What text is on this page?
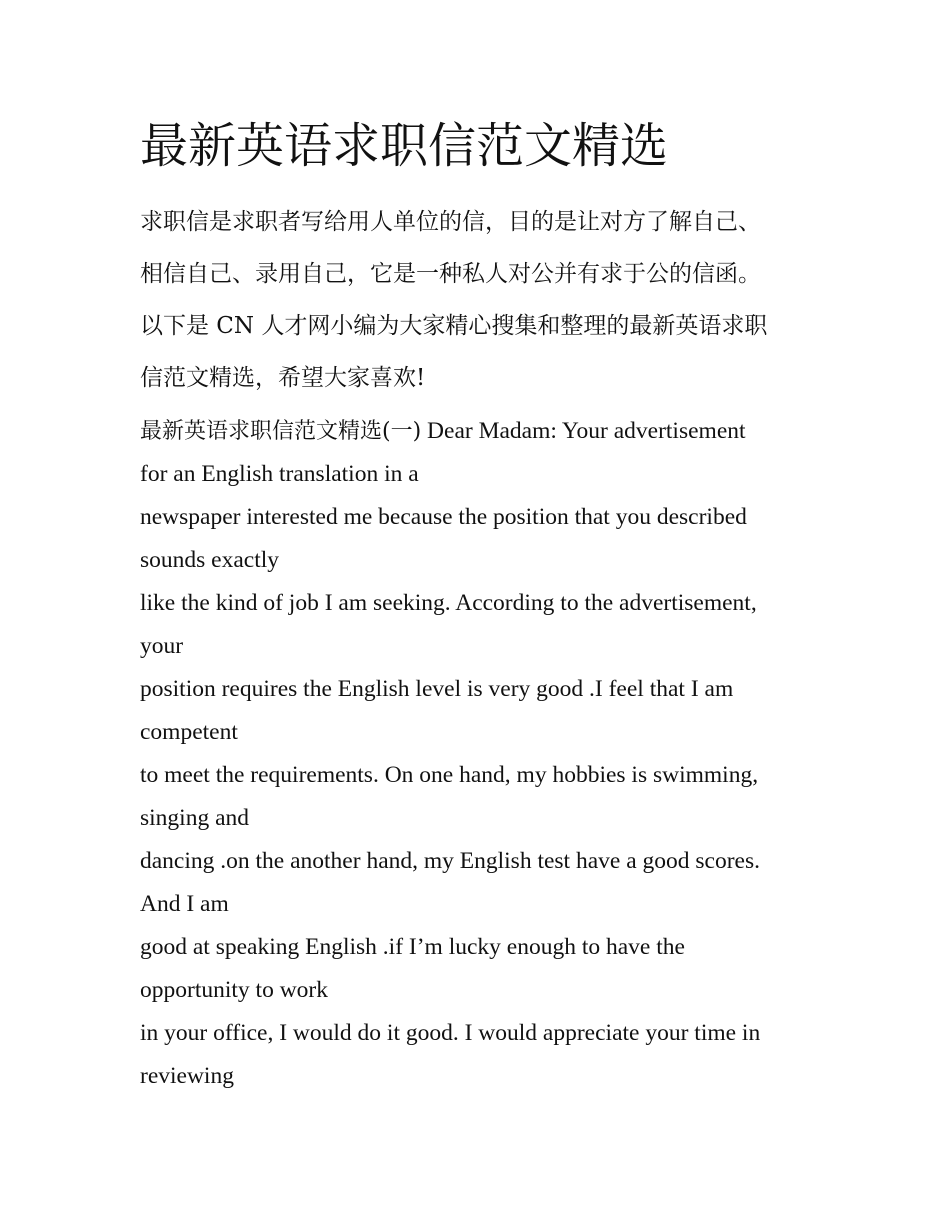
最新英语求职信范文精选
求职信是求职者写给用人单位的信，目的是让对方了解自己、
相信自己、录用自己，它是一种私人对公并有求于公的信函。
以下是 CN 人才网小编为大家精心搜集和整理的最新英语求职
信范文精选，希望大家喜欢!
最新英语求职信范文精选(一) Dear Madam: Your advertisement
for an English translation in a
newspaper interested me because the position that you described
sounds exactly
like the kind of job I am seeking. According to the advertisement,
your
position requires the English level is very good .I feel that I am
competent
to meet the requirements. On one hand, my hobbies is swimming,
singing and
dancing .on the another hand, my English test have a good scores.
And I am
good at speaking English .if I’m lucky enough to have the
opportunity to work
in your office, I would do it good. I would appreciate your time in
reviewing
